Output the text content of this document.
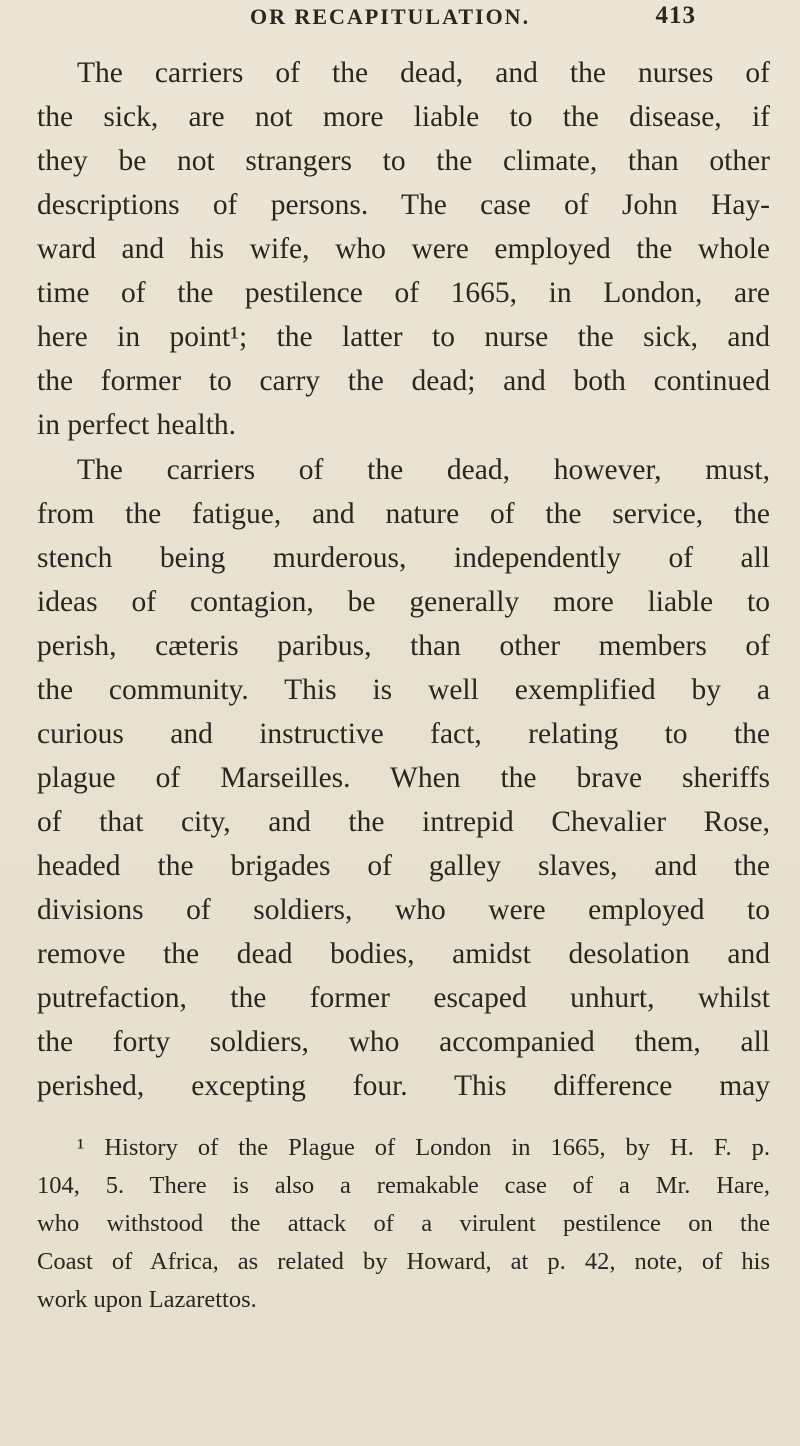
OR RECAPITULATION.	413
The carriers of the dead, and the nurses of
the sick, are not more liable to the disease, if
they be not strangers to the climate, than other
descriptions of persons. The case of John Hay-
ward and his wife, who were employed the whole
time of the pestilence of 1665, in London, are
here in point¹; the latter to nurse the sick, and
the former to carry the dead; and both continued
in perfect health.
The carriers of the dead, however, must,
from the fatigue, and nature of the service, the
stench being murderous, independently of all
ideas of contagion, be generally more liable to
perish, cæteris paribus, than other members of
the community. This is well exemplified by a
curious and instructive fact, relating to the
plague of Marseilles. When the brave sheriffs
of that city, and the intrepid Chevalier Rose,
headed the brigades of galley slaves, and the
divisions of soldiers, who were employed to
remove the dead bodies, amidst desolation and
putrefaction, the former escaped unhurt, whilst
the forty soldiers, who accompanied them, all
perished, excepting four. This difference may
¹ History of the Plague of London in 1665, by H. F. p.
104, 5. There is also a remakable case of a Mr. Hare,
who withstood the attack of a virulent pestilence on the
Coast of Africa, as related by Howard, at p. 42, note, of his
work upon Lazarettos.
